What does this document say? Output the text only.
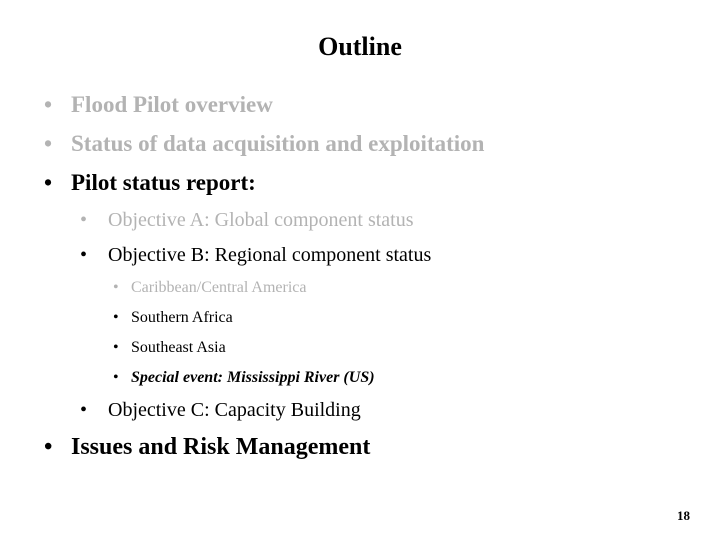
Outline
• Flood Pilot overview
• Status of data acquisition and exploitation
• Pilot status report:
• Objective A: Global component status
• Objective B: Regional component status
• Caribbean/Central America
• Southern Africa
• Southeast Asia
• Special event: Mississippi River (US)
• Objective C: Capacity Building
• Issues and Risk Management
18
